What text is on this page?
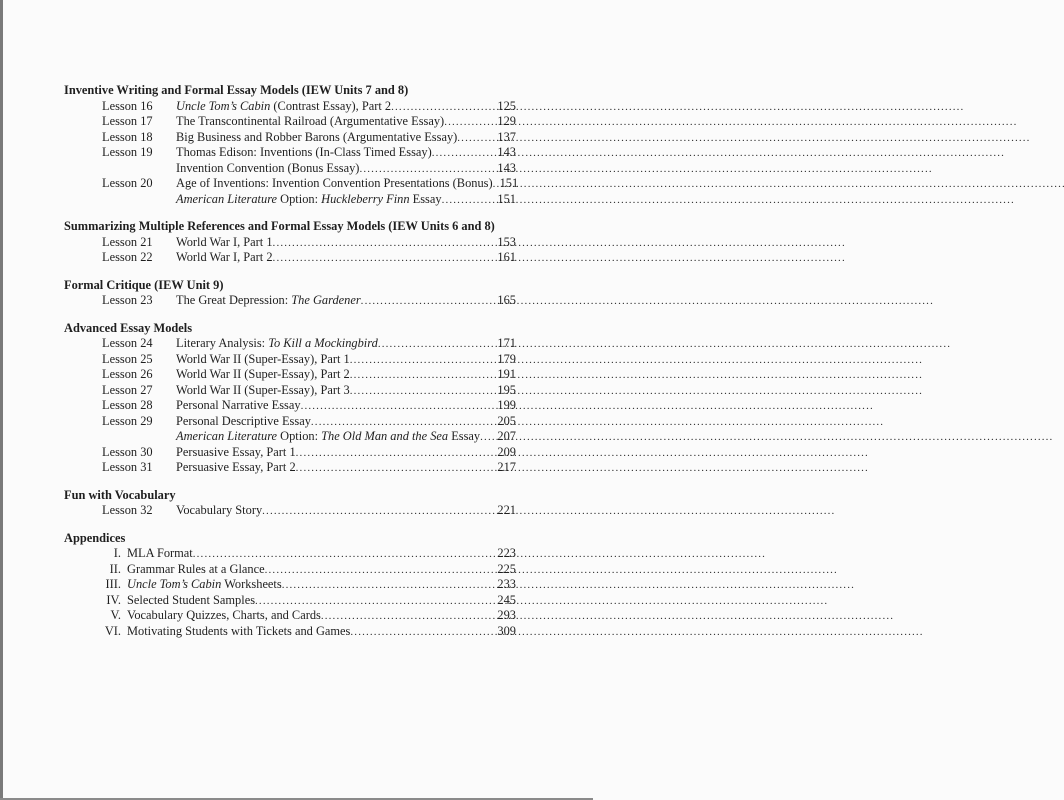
Inventive Writing and Formal Essay Models (IEW Units 7 and 8)
Lesson 16	Uncle Tom’s Cabin (Contrast Essay), Part 2 . . .	125
Lesson 17	The Transcontinental Railroad (Argumentative Essay) . . .	129
Lesson 18	Big Business and Robber Barons (Argumentative Essay) . . .	137
Lesson 19	Thomas Edison: Inventions (In-Class Timed Essay) . . .	143
Invention Convention (Bonus Essay) . . .	143
Lesson 20	Age of Inventions: Invention Convention Presentations (Bonus) . . . 151
American Literature Option: Huckleberry Finn Essay . . .	151
Summarizing Multiple References and Formal Essay Models (IEW Units 6 and 8)
Lesson 21	World War I, Part 1 . . .	153
Lesson 22	World War I, Part 2 . . .	161
Formal Critique (IEW Unit 9)
Lesson 23	The Great Depression: The Gardener . . .	165
Advanced Essay Models
Lesson 24	Literary Analysis: To Kill a Mockingbird . . .	171
Lesson 25	World War II (Super-Essay), Part 1 . . .	179
Lesson 26	World War II (Super-Essay), Part 2 . . .	191
Lesson 27	World War II (Super-Essay), Part 3 . . .	195
Lesson 28	Personal Narrative Essay . . .	199
Lesson 29	Personal Descriptive Essay . . .	205
American Literature Option: The Old Man and the Sea Essay . . . 207
Lesson 30	Persuasive Essay, Part 1 . . .	209
Lesson 31	Persuasive Essay, Part 2 . . .	217
Fun with Vocabulary
Lesson 32	Vocabulary Story . . .	221
Appendices
I. MLA Format . . .	223
II. Grammar Rules at a Glance . . .	225
III. Uncle Tom’s Cabin Worksheets . . .	233
IV. Selected Student Samples . . .	245
V. Vocabulary Quizzes, Charts, and Cards . . .	293
VI. Motivating Students with Tickets and Games . . .	309
